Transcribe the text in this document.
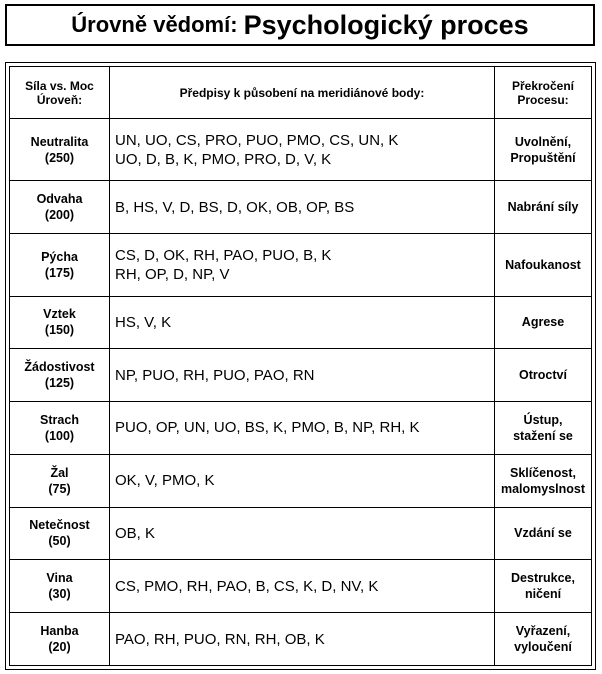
Úrovně vědomí: Psychologický proces
Síla vs. Moc
Úroveň:	Předpisy k působení na meridiánové body:	Překročení
Procesu:

Neutralita
(250)	UN, UO, CS, PRO, PUO, PMO, CS, UN, K
UO, D, B, K, PMO, PRO, D, V, K	Uvolnění,
Propuštění

Odvaha
(200)	B, HS, V, D, BS, D, OK, OB, OP, BS	Nabrání síly

Pýcha
(175)	CS, D, OK, RH, PAO, PUO, B, K
RH, OP, D, NP, V	Nafoukanost

Vztek
(150)	HS, V, K	Agrese

Žádostivost
(125)	NP, PUO, RH, PUO, PAO, RN	Otroctví

Strach
(100)	PUO, OP, UN, UO, BS, K, PMO, B, NP, RH, K	Ústup,
stažení se

Žal
(75)	OK, V, PMO, K	Sklíčenost,
malomyslnost

Netečnost
(50)	OB, K	Vzdání se

Vina
(30)	CS, PMO, RH, PAO, B, CS, K, D, NV, K	Destrukce,
ničení

Hanba
(20)	PAO, RH, PUO, RN, RH, OB, K	Vyřazení,
vyloučení
